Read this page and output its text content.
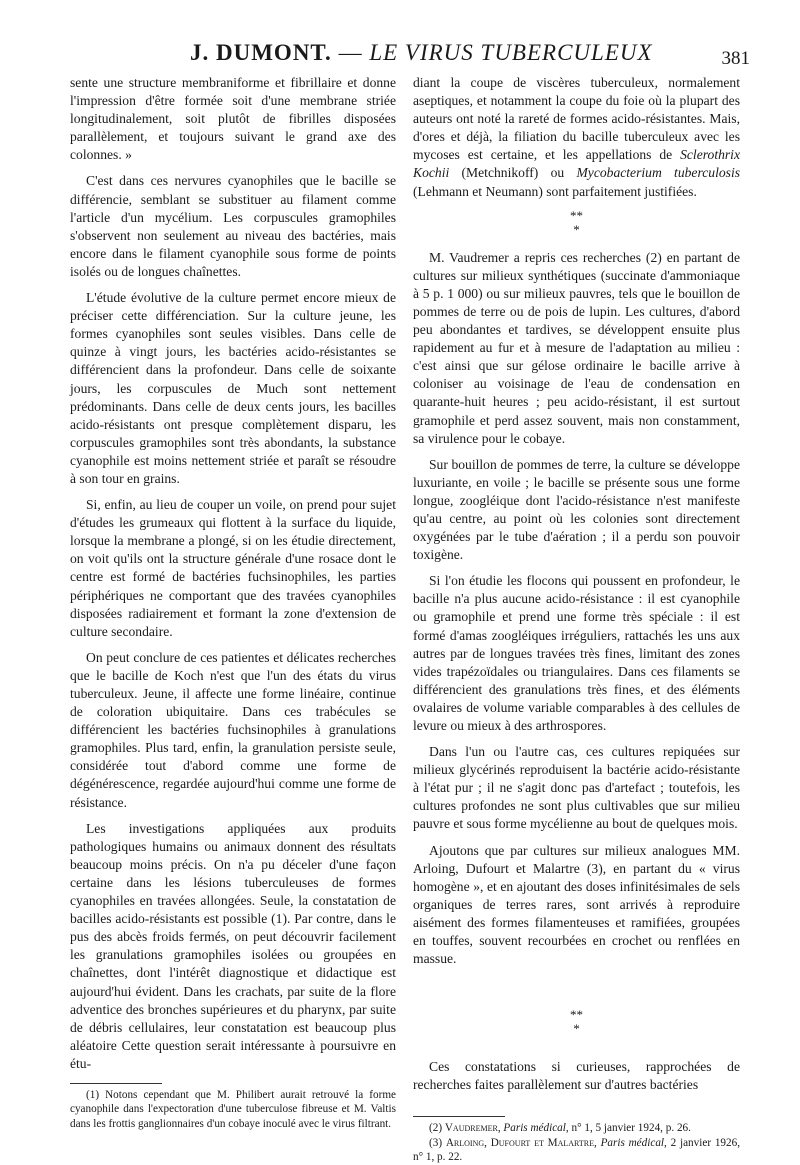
J. DUMONT. — LE VIRUS TUBERCULEUX	381

sente une structure membraniforme et fibrillaire et donne l'impression d'être formée soit d'une membrane striée longitudinalement, soit plutôt de fibrilles disposées parallèlement, et toujours suivant le grand axe des colonnes. »

C'est dans ces nervures cyanophiles que le bacille se différencie, semblant se substituer au filament comme l'article d'un mycélium. Les corpuscules gramophiles s'observent non seulement au niveau des bactéries, mais encore dans le filament cyanophile sous forme de points isolés ou de longues chaînettes.

L'étude évolutive de la culture permet encore mieux de préciser cette différenciation. Sur la culture jeune, les formes cyanophiles sont seules visibles. Dans celle de quinze à vingt jours, les bactéries acido-résistantes se différencient dans la profondeur. Dans celle de soixante jours, les corpuscules de Much sont nettement prédominants. Dans celle de deux cents jours, les bacilles acido-résistants ont presque complètement disparu, les corpuscules gramophiles sont très abondants, la substance cyanophile est moins nettement striée et paraît se résoudre à son tour en grains.

Si, enfin, au lieu de couper un voile, on prend pour sujet d'études les grumeaux qui flottent à la surface du liquide, lorsque la membrane a plongé, si on les étudie directement, on voit qu'ils ont la structure générale d'une rosace dont le centre est formé de bactéries fuchsinophiles, les parties périphériques ne comportant que des travées cyanophiles disposées radiairement et formant la zone d'extension de culture secondaire.

On peut conclure de ces patientes et délicates recherches que le bacille de Koch n'est que l'un des états du virus tuberculeux. Jeune, il affecte une forme linéaire, continue de coloration ubiquitaire. Dans ces trabécules se différencient les bactéries fuchsinophiles à granulations gramophiles. Plus tard, enfin, la granulation persiste seule, considérée tout d'abord comme une forme de dégénérescence, regardée aujourd'hui comme une forme de résistance.

Les investigations appliquées aux produits pathologiques humains ou animaux donnent des résultats beaucoup moins précis. On n'a pu déceler d'une façon certaine dans les lésions tuberculeuses de formes cyanophiles en travées allongées. Seule, la constatation de bacilles acido-résistants est possible (1). Par contre, dans le pus des abcès froids fermés, on peut découvrir facilement les granulations gramophiles isolées ou groupées en chaînettes, dont l'intérêt diagnostique et didactique est aujourd'hui évident. Dans les crachats, par suite de la flore adventice des bronches supérieures et du pharynx, par suite de débris cellulaires, leur constatation est beaucoup plus aléatoire Cette question serait intéressante à poursuivre en étu-

(1) Notons cependant que M. Philibert aurait retrouvé la forme cyanophile dans l'expectoration d'une tuberculose fibreuse et M. Valtis dans les frottis ganglionnaires d'un cobaye inoculé avec le virus filtrant.

diant la coupe de viscères tuberculeux, normalement aseptiques, et notamment la coupe du foie où la plupart des auteurs ont noté la rareté de formes acido-résistantes. Mais, d'ores et déjà, la filiation du bacille tuberculeux avec les mycoses est certaine, et les appellations de Sclerothrix Kochii (Metchnikoff) ou Mycobacterium tuberculosis (Lehmann et Neumann) sont parfaitement justifiées.

**
*

M. Vaudremer a repris ces recherches (2) en partant de cultures sur milieux synthétiques (succinate d'ammoniaque à 5 p. 1 000) ou sur milieux pauvres, tels que le bouillon de pommes de terre ou de pois de lupin. Les cultures, d'abord peu abondantes et tardives, se développent ensuite plus rapidement au fur et à mesure de l'adaptation au milieu : c'est ainsi que sur gélose ordinaire le bacille arrive à coloniser au voisinage de l'eau de condensation en quarante-huit heures ; peu acido-résistant, il est surtout gramophile et perd assez souvent, mais non constamment, sa virulence pour le cobaye.

Sur bouillon de pommes de terre, la culture se développe luxuriante, en voile ; le bacille se présente sous une forme longue, zoogléique dont l'acido-résistance n'est manifeste qu'au centre, au point où les colonies sont directement oxygénées par le tube d'aération ; il a perdu son pouvoir toxigène.

Si l'on étudie les flocons qui poussent en profondeur, le bacille n'a plus aucune acido-résistance : il est cyanophile ou gramophile et prend une forme très spéciale : il est formé d'amas zoogléiques irréguliers, rattachés les uns aux autres par de longues travées très fines, limitant des zones vides trapézoïdales ou triangulaires. Dans ces filaments se différencient des granulations très fines, et des éléments ovalaires de volume variable comparables à des cellules de levure ou mieux à des arthrospores.

Dans l'un ou l'autre cas, ces cultures repiquées sur milieux glycérinés reproduisent la bactérie acido-résistante à l'état pur ; il ne s'agit donc pas d'artefact ; toutefois, les cultures profondes ne sont plus cultivables que sur milieu pauvre et sous forme mycélienne au bout de quelques mois.

Ajoutons que par cultures sur milieux analogues MM. Arloing, Dufourt et Malartre (3), en partant du « virus homogène », et en ajoutant des doses infinitésimales de sels organiques de terres rares, sont arrivés à reproduire aisément des formes filamenteuses et ramifiées, groupées en touffes, souvent recourbées en crochet ou renflées en massue.

**
*

Ces constatations si curieuses, rapprochées de recherches faites parallèlement sur d'autres bactéries

(2) Vaudremer, Paris médical, n° 1, 5 janvier 1924, p. 26.

(3) Arloing, Dufourt et Malartre, Paris médical, 2 janvier 1926, n° 1, p. 22.
